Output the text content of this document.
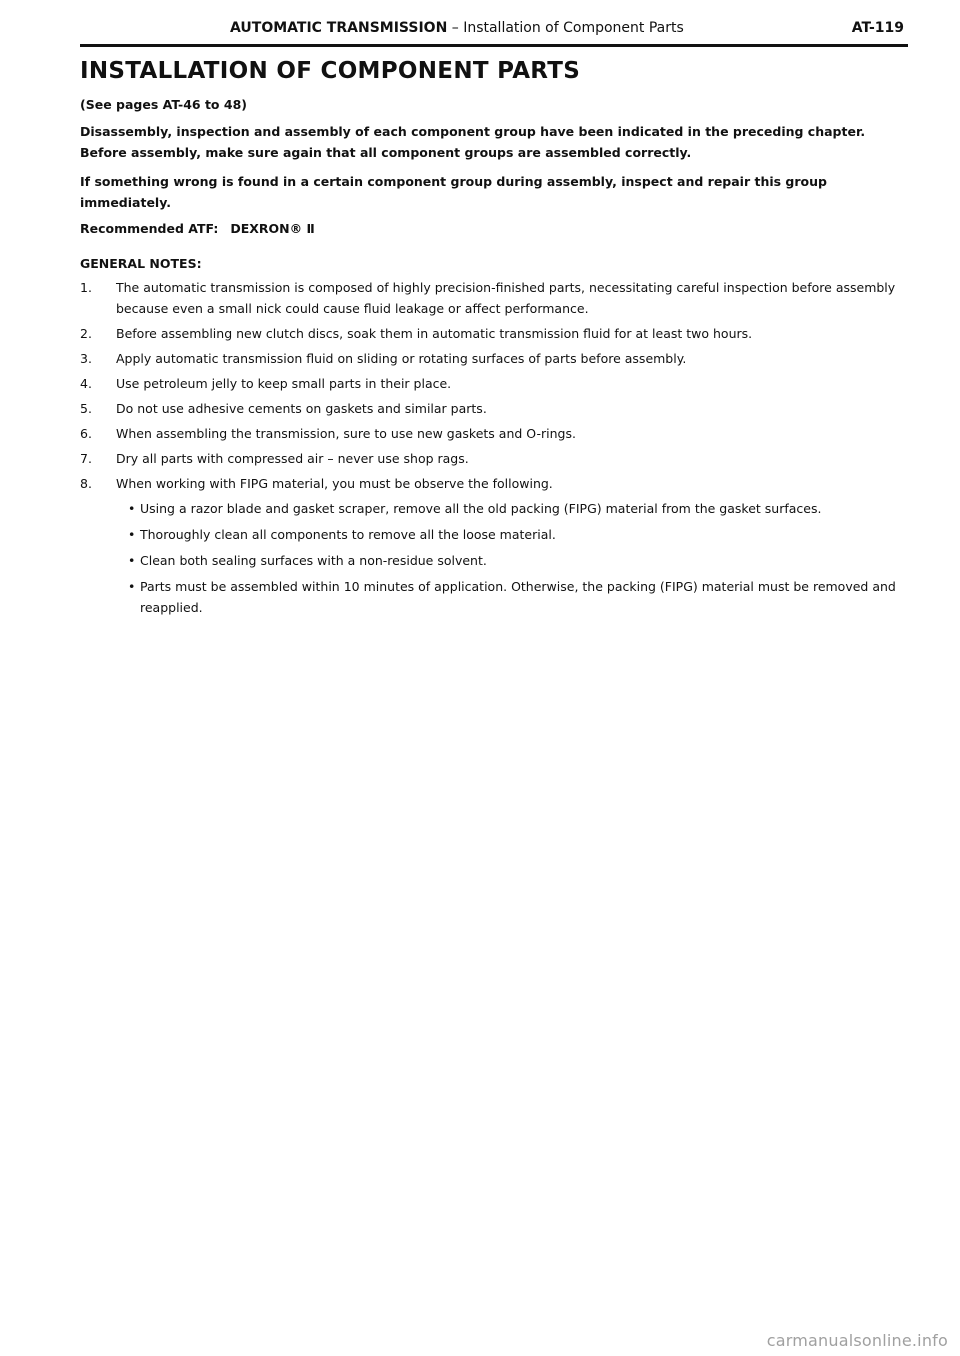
AUTOMATIC TRANSMISSION – Installation of Component Parts	AT-119
INSTALLATION OF COMPONENT PARTS

(See pages AT-46 to 48)

Disassembly, inspection and assembly of each component group have been indicated in the preceding chapter. Before assembly, make sure again that all component groups are assembled correctly.

If something wrong is found in a certain component group during assembly, inspect and repair this group immediately.

Recommended ATF: DEXRON® Ⅱ

GENERAL NOTES:

1. The automatic transmission is composed of highly precision-finished parts, necessitating careful inspection before assembly because even a small nick could cause fluid leakage or affect performance.
2. Before assembling new clutch discs, soak them in automatic transmission fluid for at least two hours.
3. Apply automatic transmission fluid on sliding or rotating surfaces of parts before assembly.
4. Use petroleum jelly to keep small parts in their place.
5. Do not use adhesive cements on gaskets and similar parts.
6. When assembling the transmission, sure to use new gaskets and O-rings.
7. Dry all parts with compressed air – never use shop rags.
8. When working with FIPG material, you must be observe the following.
• Using a razor blade and gasket scraper, remove all the old packing (FIPG) material from the gasket surfaces.
• Thoroughly clean all components to remove all the loose material.
• Clean both sealing surfaces with a non-residue solvent.
• Parts must be assembled within 10 minutes of application. Otherwise, the packing (FIPG) material must be removed and reapplied.
carmanualsonline.info
